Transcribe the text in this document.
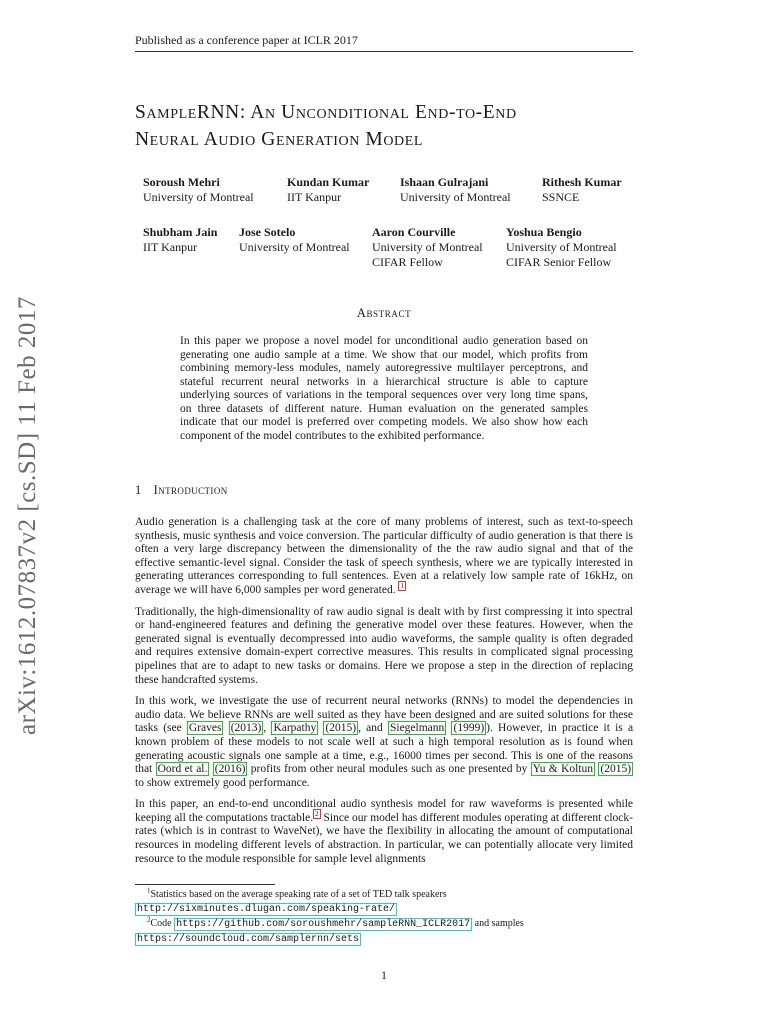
Published as a conference paper at ICLR 2017
arXiv:1612.07837v2 [cs.SD] 11 Feb 2017
SampleRNN: An Unconditional End-to-End
Neural Audio Generation Model
Soroush Mehri
University of Montreal
Kundan Kumar
IIT Kanpur
Ishaan Gulrajani
University of Montreal
Rithesh Kumar
SSNCE
Shubham Jain
IIT Kanpur
Jose Sotelo
University of Montreal
Aaron Courville
University of Montreal
CIFAR Fellow
Yoshua Bengio
University of Montreal
CIFAR Senior Fellow
Abstract
In this paper we propose a novel model for unconditional audio generation based on generating one audio sample at a time. We show that our model, which profits from combining memory-less modules, namely autoregressive multilayer perceptrons, and stateful recurrent neural networks in a hierarchical structure is able to capture underlying sources of variations in the temporal sequences over very long time spans, on three datasets of different nature. Human evaluation on the generated samples indicate that our model is preferred over competing models. We also show how each component of the model contributes to the exhibited performance.
1 Introduction

Audio generation is a challenging task at the core of many problems of interest, such as text-to-speech synthesis, music synthesis and voice conversion. The particular difficulty of audio generation is that there is often a very large discrepancy between the dimensionality of the the raw audio signal and that of the effective semantic-level signal. Consider the task of speech synthesis, where we are typically interested in generating utterances corresponding to full sentences. Even at a relatively low sample rate of 16kHz, on average we will have 6,000 samples per word generated. $^1$

Traditionally, the high-dimensionality of raw audio signal is dealt with by first compressing it into spectral or hand-engineered features and defining the generative model over these features. However, when the generated signal is eventually decompressed into audio waveforms, the sample quality is often degraded and requires extensive domain-expert corrective measures. This results in complicated signal processing pipelines that are to adapt to new tasks or domains. Here we propose a step in the direction of replacing these handcrafted systems.

In this work, we investigate the use of recurrent neural networks (RNNs) to model the dependencies in audio data. We believe RNNs are well suited as they have been designed and are suited solutions for these tasks (see Graves (2013) , Karpathy (2015) , and Siegelmann (1999) ). However, in practice it is a known problem of these models to not scale well at such a high temporal resolution as is found when generating acoustic signals one sample at a time, e.g., 16000 times per second. This is one of the reasons that Oord et al. (2016) profits from other neural modules such as one presented by Yu & Koltun (2015) to show extremely good performance.

In this paper, an end-to-end unconditional audio synthesis model for raw waveforms is presented while keeping all the computations tractable. $^2$ Since our model has different modules operating at different clock-rates (which is in contrast to WaveNet), we have the flexibility in allocating the amount of computational resources in modeling different levels of abstraction. In particular, we can potentially allocate very limited resource to the module responsible for sample level alignments

$^1$Statistics based on the average speaking rate of a set of TED talk speakers http://sixminutes.dlugan.com/speaking-rate/

$^2$Code https://github.com/soroushmehr/sampleRNN_ICLR2017 and samples https://soundcloud.com/samplernn/sets

1
